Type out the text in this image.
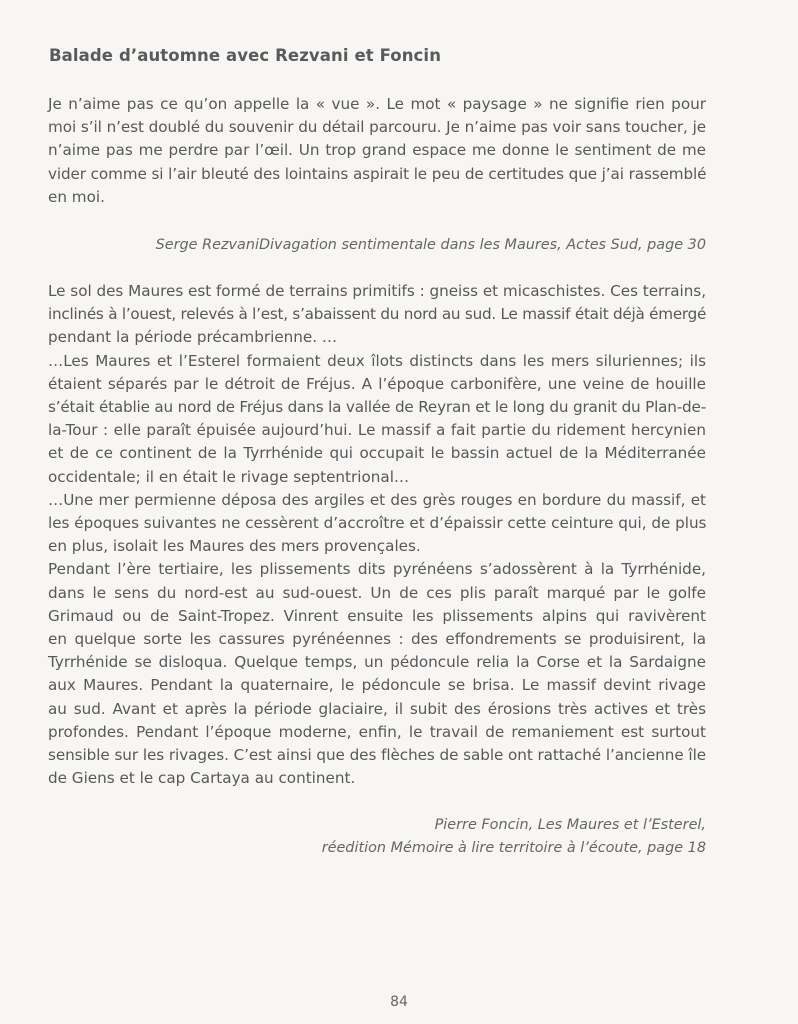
Balade d’automne avec Rezvani et Foncin
Je n’aime pas ce qu’on appelle la « vue ». Le mot « paysage » ne signifie rien pour
moi s’il n’est doublé du souvenir du détail parcouru. Je n’aime pas voir sans toucher, je
n’aime pas me perdre par l’œil. Un trop grand espace me donne le sentiment de me
vider comme si l’air bleuté des lointains aspirait le peu de certitudes que j’ai rassemblé
en moi.
Serge RezvaniDivagation sentimentale dans les Maures, Actes Sud, page 30
Le sol des Maures est formé de terrains primitifs : gneiss et micaschistes. Ces terrains,
inclinés à l’ouest, relevés à l’est, s’abaissent du nord au sud. Le massif était déjà émergé
pendant la période précambrienne. …
…Les Maures et l’Esterel formaient deux îlots distincts dans les mers siluriennes; ils
étaient séparés par le détroit de Fréjus. A l’époque carbonifère, une veine de houille
s’était établie au nord de Fréjus dans la vallée de Reyran et le long du granit du Plan-de-
la-Tour : elle paraît épuisée aujourd’hui. Le massif a fait partie du ridement hercynien
et de ce continent de la Tyrrhénide qui occupait le bassin actuel de la Méditerranée
occidentale; il en était le rivage septentrional…
…Une mer permienne déposa des argiles et des grès rouges en bordure du massif, et
les époques suivantes ne cessèrent d’accroître et d’épaissir cette ceinture qui, de plus
en plus, isolait les Maures des mers provençales.
Pendant l’ère tertiaire, les plissements dits pyrénéens s’adossèrent à la Tyrrhénide,
dans le sens du nord-est au sud-ouest. Un de ces plis paraît marqué par le golfe
Grimaud ou de Saint-Tropez. Vinrent ensuite les plissements alpins qui ravivèrent
en quelque sorte les cassures pyrénéennes : des effondrements se produisirent, la
Tyrrhénide se disloqua. Quelque temps, un pédoncule relia la Corse et la Sardaigne
aux Maures. Pendant la quaternaire, le pédoncule se brisa. Le massif devint rivage
au sud. Avant et après la période glaciaire, il subit des érosions très actives et très
profondes. Pendant l’époque moderne, enfin, le travail de remaniement est surtout
sensible sur les rivages. C’est ainsi que des flèches de sable ont rattaché l’ancienne île
de Giens et le cap Cartaya au continent.
Pierre Foncin, Les Maures et l’Esterel,
réedition Mémoire à lire territoire à l’écoute, page 18
84
